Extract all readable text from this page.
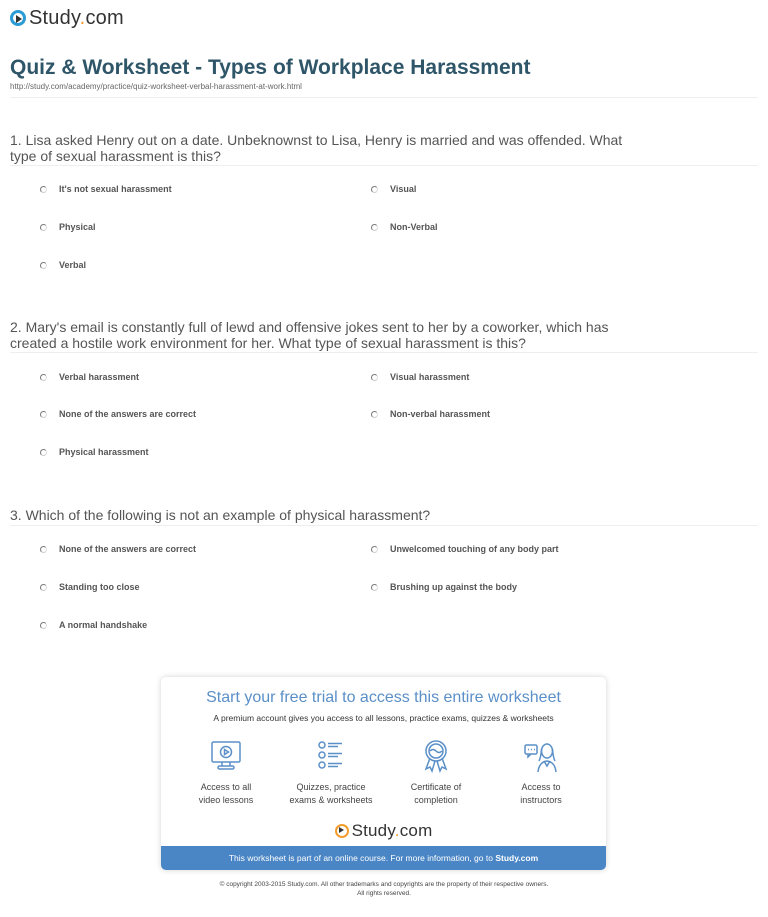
Study.com
Quiz & Worksheet - Types of Workplace Harassment
http://study.com/academy/practice/quiz-worksheet-verbal-harassment-at-work.html
1. Lisa asked Henry out on a date. Unbeknownst to Lisa, Henry is married and was offended. What type of sexual harassment is this?
It's not sexual harassment	Visual
Physical	Non-Verbal
Verbal
2. Mary's email is constantly full of lewd and offensive jokes sent to her by a coworker, which has created a hostile work environment for her. What type of sexual harassment is this?
Verbal harassment	Visual harassment
None of the answers are correct	Non-verbal harassment
Physical harassment
3. Which of the following is not an example of physical harassment?
None of the answers are correct	Unwelcomed touching of any body part
Standing too close	Brushing up against the body
A normal handshake
Start your free trial to access this entire worksheet
A premium account gives you access to all lessons, practice exams, quizzes & worksheets
Access to all
video lessons
Quizzes, practice
exams & worksheets
Certificate of
completion
Access to
instructors
Study.com
This worksheet is part of an online course. For more information, go to Study.com
© copyright 2003-2015 Study.com. All other trademarks and copyrights are the property of their respective owners.
All rights reserved.
